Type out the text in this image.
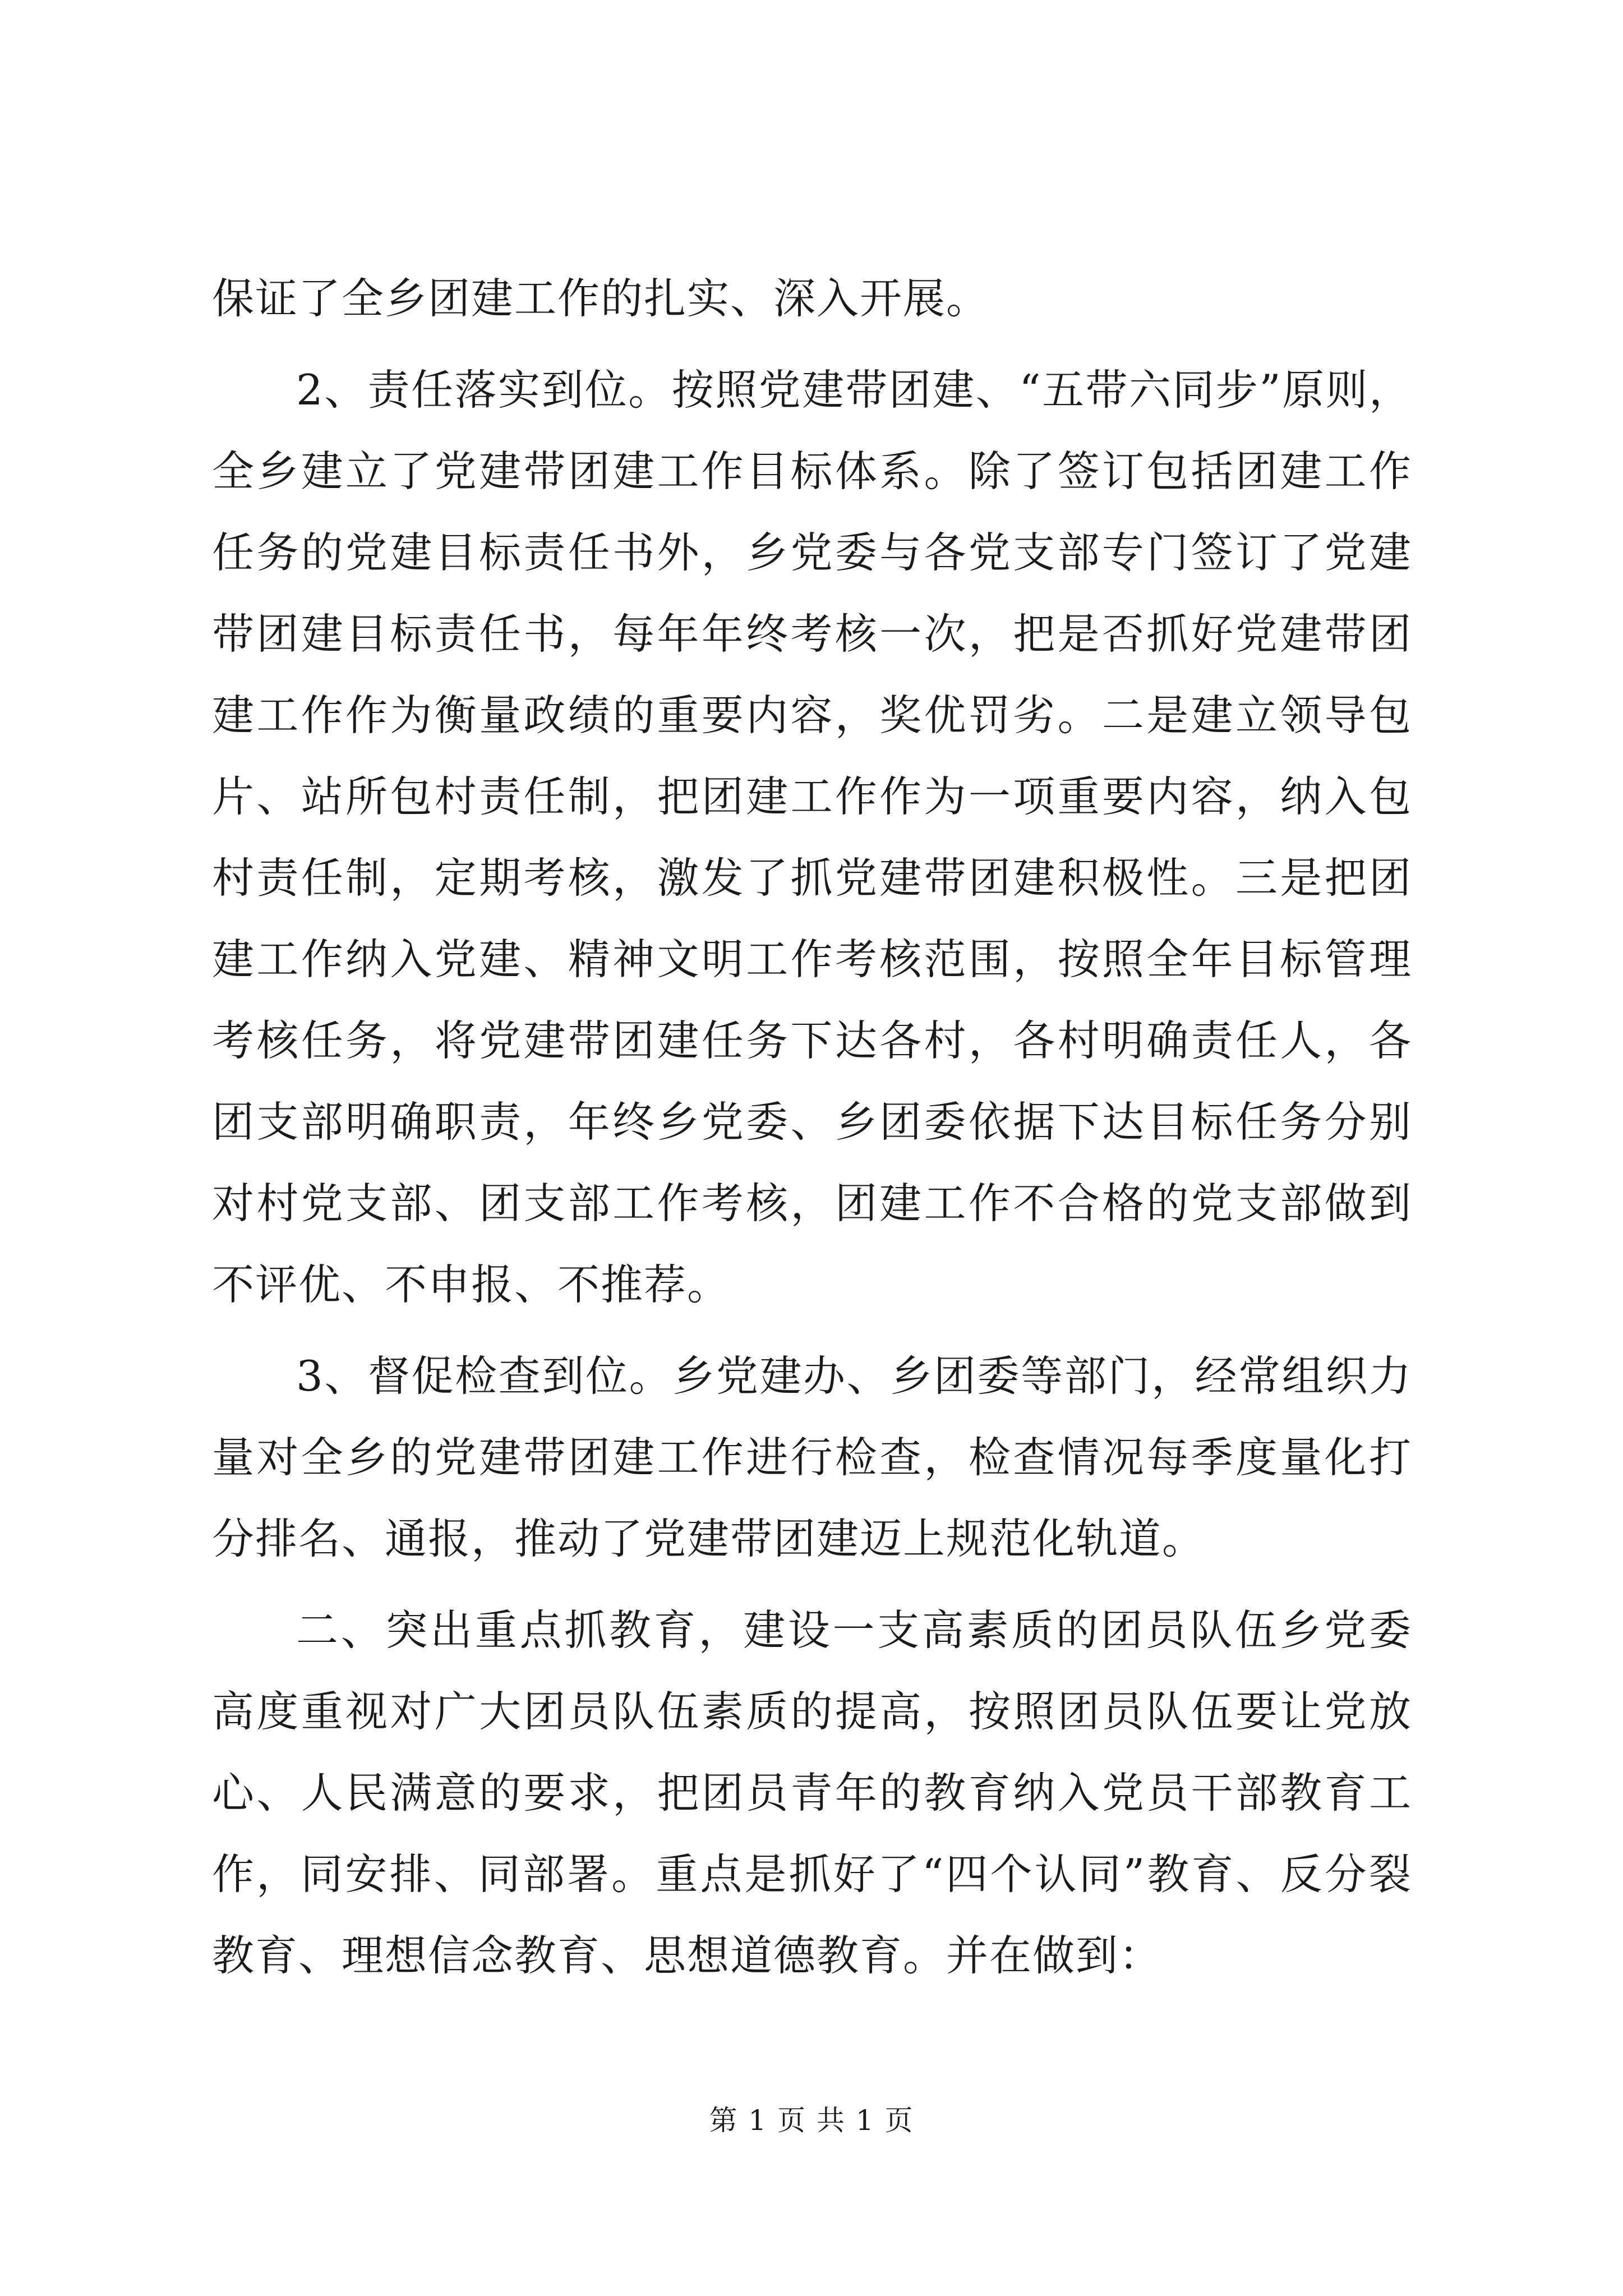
保证了全乡团建工作的扎实、深入开展。

2、责任落实到位。按照党建带团建、“五带六同步”原则，全乡建立了党建带团建工作目标体系。除了签订包括团建工作任务的党建目标责任书外，乡党委与各党支部专门签订了党建带团建目标责任书，每年年终考核一次，把是否抓好党建带团建工作作为衡量政绩的重要内容，奖优罚劣。二是建立领导包片、站所包村责任制，把团建工作作为一项重要内容，纳入包村责任制，定期考核，激发了抓党建带团建积极性。三是把团建工作纳入党建、精神文明工作考核范围，按照全年目标管理考核任务，将党建带团建任务下达各村，各村明确责任人，各团支部明确职责，年终乡党委、乡团委依据下达目标任务分别对村党支部、团支部工作考核，团建工作不合格的党支部做到不评优、不申报、不推荐。

3、督促检查到位。乡党建办、乡团委等部门，经常组织力量对全乡的党建带团建工作进行检查，检查情况每季度量化打分排名、通报，推动了党建带团建迈上规范化轨道。

二、突出重点抓教育，建设一支高素质的团员队伍乡党委高度重视对广大团员队伍素质的提高，按照团员队伍要让党放心、人民满意的要求，把团员青年的教育纳入党员干部教育工作，同安排、同部署。重点是抓好了“四个认同”教育、反分裂教育、理想信念教育、思想道德教育。并在做到：

第 1 页 共 1 页
